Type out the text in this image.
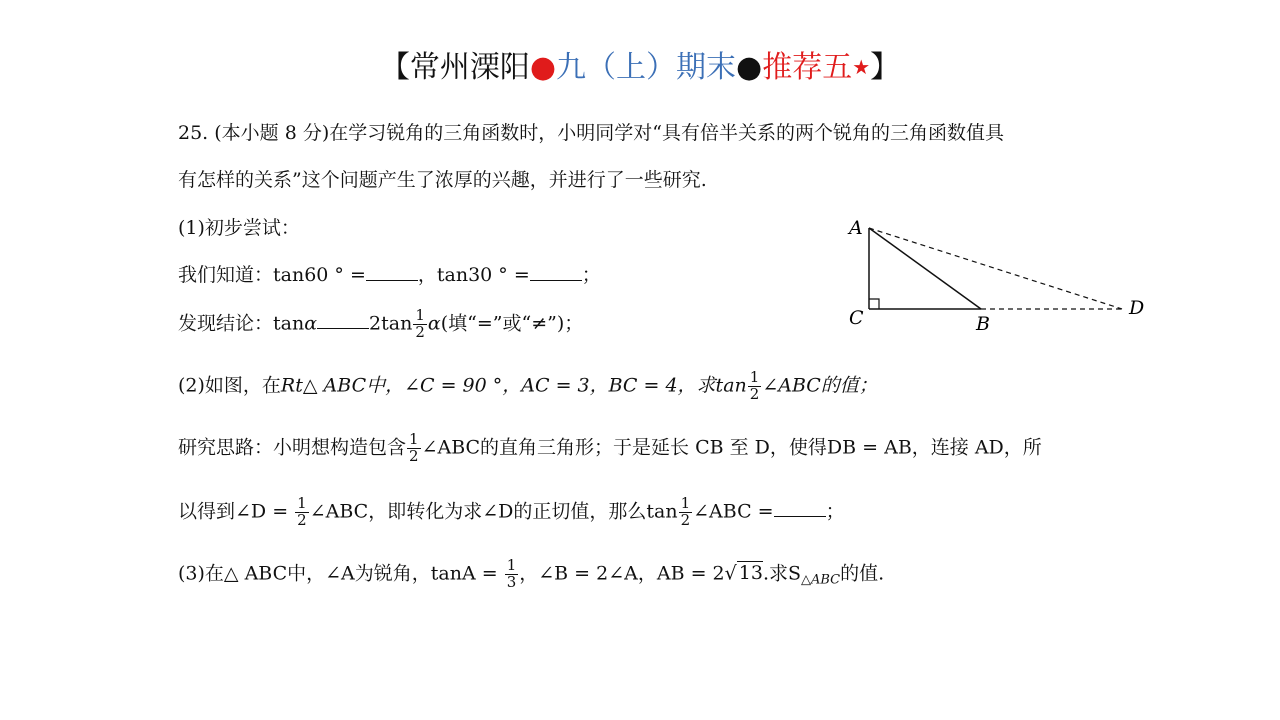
【常州溧阳●九（上）期末●推荐五★】
25. (本小题 8 分)在学习锐角的三角函数时，小明同学对“具有倍半关系的两个锐角的三角函数值具
有怎样的关系”这个问题产生了浓厚的兴趣，并进行了一些研究.
(1)初步尝试：
我们知道：tan60 ° =	，tan30 ° =	；
发现结论：tanα	$2\tan \frac{1}{2} \alpha$(填“=”或“≠”)；
(2)如图，在Rt△ ABC中，∠C = 90 °，AC = 3，BC = 4，求$\tan \frac{1}{2}$ ∠ABC的值；
研究思路：小明想构造包含 $\frac{1}{2}$ ∠ABC的直角三角形；于是延长 CB 至 D，使得DB = AB，连接 AD，所
以得到∠D = $\frac{1}{2}$ ∠ABC，即转化为求∠D的正切值，那么$\tan \frac{1}{2}$ ∠ABC =	；
(3)在△ ABC中，∠A为锐角，$\tan A = \frac{1}{3}$ ，∠B = 2∠A，AB = 2√ 13.求$S_{\triangle ABC}$的值.
A
C	B
D
